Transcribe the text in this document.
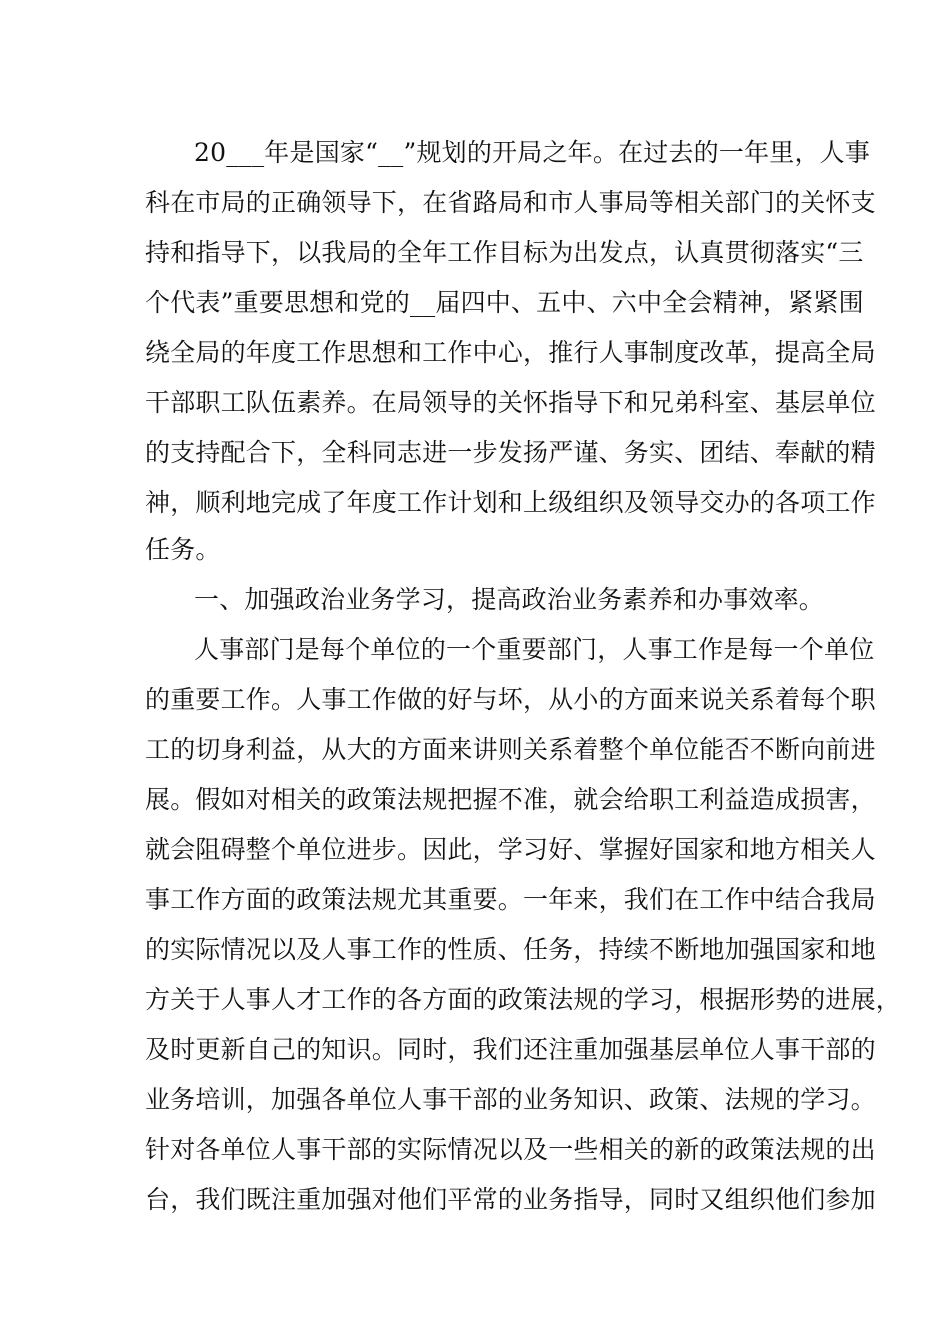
20___年是国家“__”规划的开局之年。在过去的一年里，人事
科在市局的正确领导下，在省路局和市人事局等相关部门的关怀支
持和指导下，以我局的全年工作目标为出发点，认真贯彻落实“三
个代表”重要思想和党的__届四中、五中、六中全会精神，紧紧围
绕全局的年度工作思想和工作中心，推行人事制度改革，提高全局
干部职工队伍素养。在局领导的关怀指导下和兄弟科室、基层单位
的支持配合下，全科同志进一步发扬严谨、务实、团结、奉献的精
神，顺利地完成了年度工作计划和上级组织及领导交办的各项工作
任务。
一、加强政治业务学习，提高政治业务素养和办事效率。
人事部门是每个单位的一个重要部门，人事工作是每一个单位
的重要工作。人事工作做的好与坏，从小的方面来说关系着每个职
工的切身利益，从大的方面来讲则关系着整个单位能否不断向前进
展。假如对相关的政策法规把握不准，就会给职工利益造成损害，
就会阻碍整个单位进步。因此，学习好、掌握好国家和地方相关人
事工作方面的政策法规尤其重要。一年来，我们在工作中结合我局
的实际情况以及人事工作的性质、任务，持续不断地加强国家和地
方关于人事人才工作的各方面的政策法规的学习，根据形势的进展，
及时更新自己的知识。同时，我们还注重加强基层单位人事干部的
业务培训，加强各单位人事干部的业务知识、政策、法规的学习。
针对各单位人事干部的实际情况以及一些相关的新的政策法规的出
台，我们既注重加强对他们平常的业务指导，同时又组织他们参加
